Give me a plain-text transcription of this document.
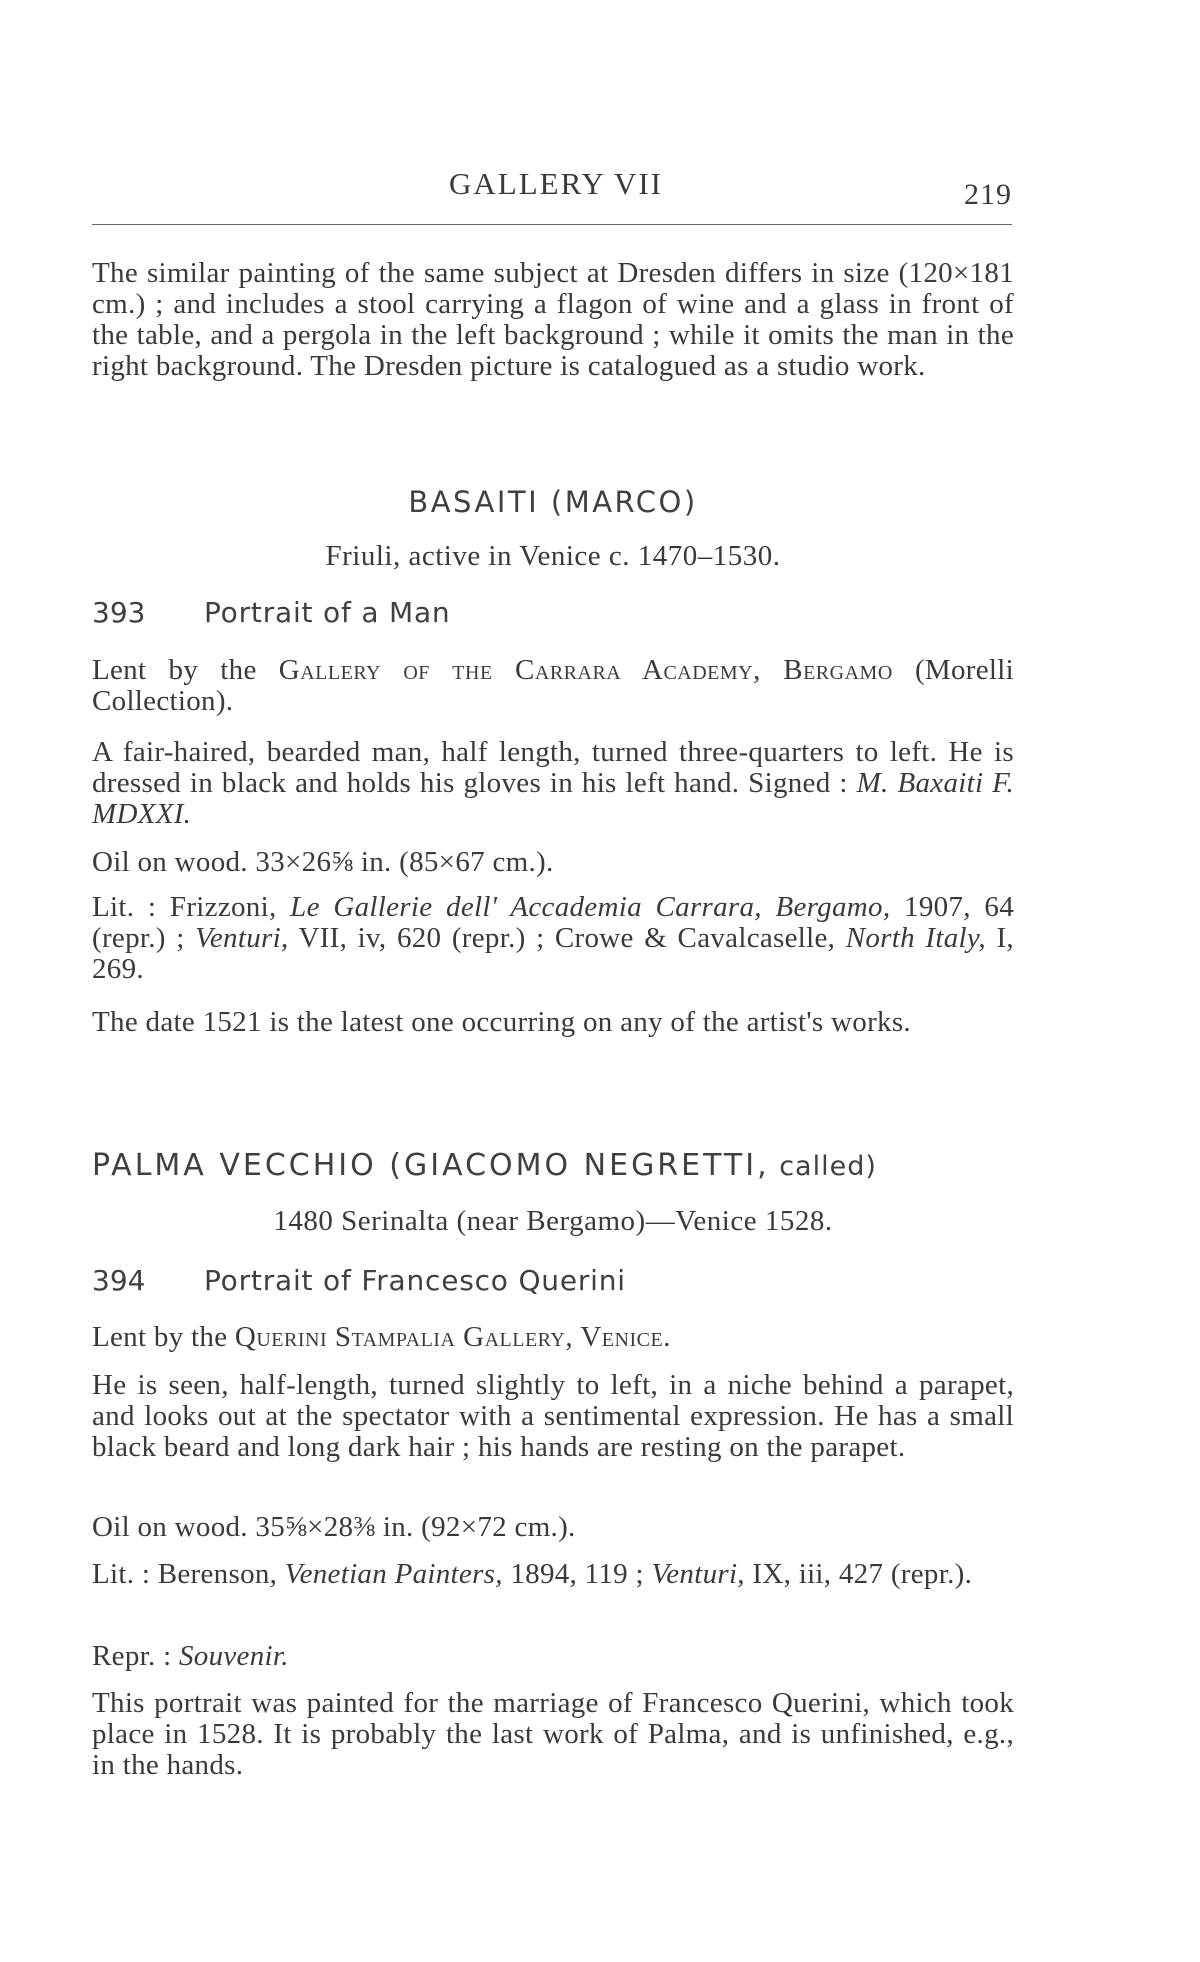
GALLERY VII	219

The similar painting of the same subject at Dresden differs in size (120×181 cm.) ; and includes a stool carrying a flagon of wine and a glass in front of the table, and a pergola in the left background ; while it omits the man in the right background. The Dresden picture is catalogued as a studio work.

BASAITI (MARCO)
Friuli, active in Venice c. 1470–1530.
393 Portrait of a Man

Lent by the Gallery of the Carrara Academy, Bergamo (Morelli Collection).

A fair-haired, bearded man, half length, turned three-quarters to left. He is dressed in black and holds his gloves in his left hand. Signed : M. Baxaiti F. MDXXI.

Oil on wood. 33×26⅝ in. (85×67 cm.).

Lit. : Frizzoni, Le Gallerie dell' Accademia Carrara, Bergamo, 1907, 64 (repr.) ; Venturi, VII, iv, 620 (repr.) ; Crowe & Cavalcaselle, North Italy, I, 269.

The date 1521 is the latest one occurring on any of the artist's works.

PALMA VECCHIO (GIACOMO NEGRETTI, called)
1480 Serinalta (near Bergamo)—Venice 1528.
394 Portrait of Francesco Querini

Lent by the Querini Stampalia Gallery, Venice.

He is seen, half-length, turned slightly to left, in a niche behind a parapet, and looks out at the spectator with a sentimental expression. He has a small black beard and long dark hair ; his hands are resting on the parapet.

Oil on wood. 35⅝×28⅜ in. (92×72 cm.).

Lit. : Berenson, Venetian Painters, 1894, 119 ; Venturi, IX, iii, 427 (repr.).

Repr. : Souvenir.

This portrait was painted for the marriage of Francesco Querini, which took place in 1528. It is probably the last work of Palma, and is unfinished, e.g., in the hands.
